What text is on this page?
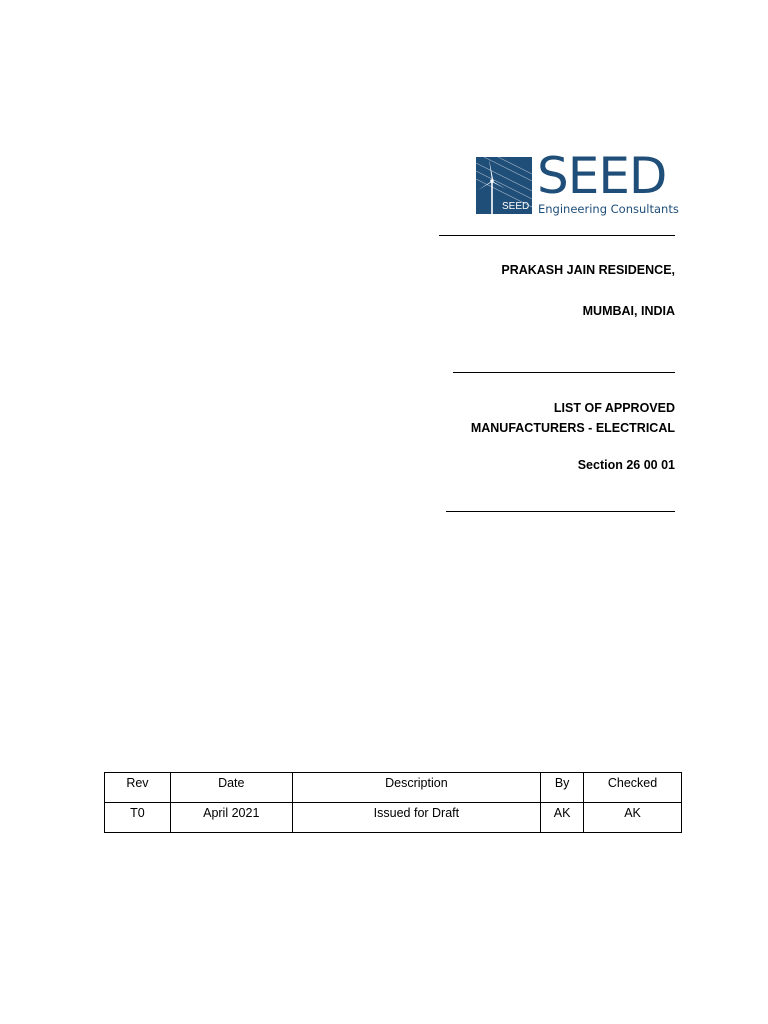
SEED
SEED
Engineering Consultants
PRAKASH JAIN RESIDENCE,
MUMBAI, INDIA
LIST OF APPROVED
MANUFACTURERS - ELECTRICAL
Section 26 00 01
Rev	Date	Description	By	Checked
T0	April 2021	Issued for Draft	AK	AK
